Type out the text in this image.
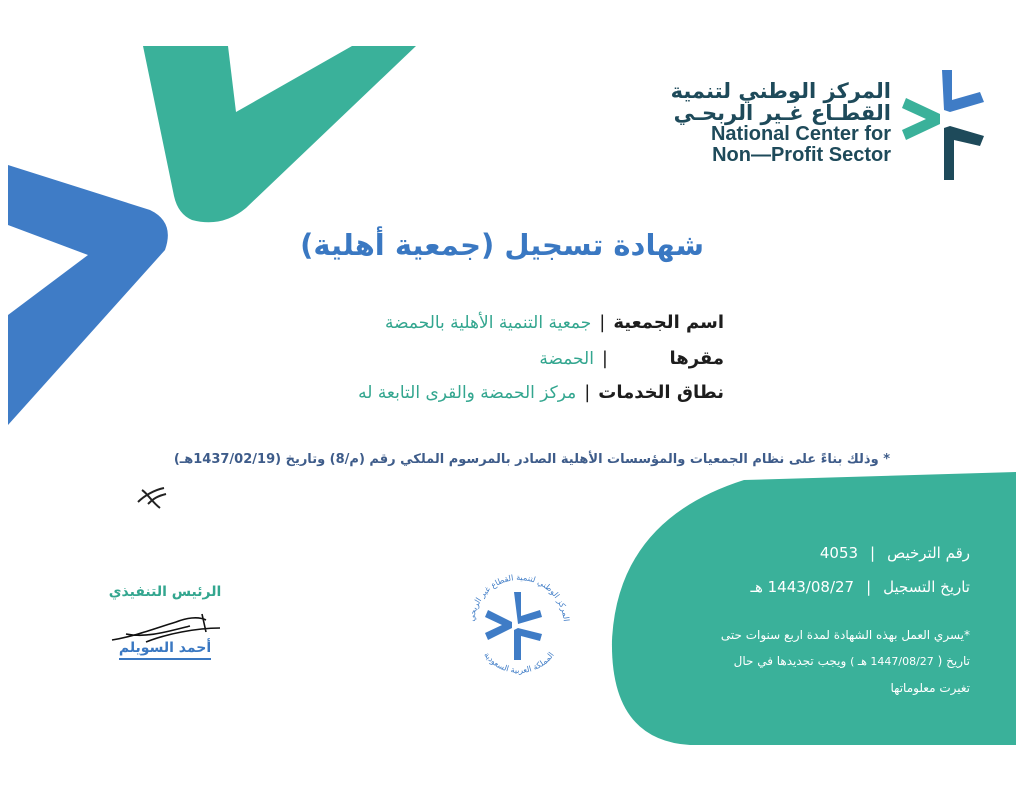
المركز الوطني لتنمية
القطـاع غـير الربحـي
National Center for
Non—Profit Sector
شهادة تسجيل (جمعية أهلية)
اسم الجمعية
|
جمعية التنمية الأهلية بالحمضة
مقرها
|
الحمضة
نطاق الخدمات
|
مركز الحمضة والقرى التابعة له
* وذلك بناءً على نظام الجمعيات والمؤسسات الأهلية الصادر بالمرسوم الملكي رقم (م/8) وتاريخ (1437/02/19هـ)
رقم الترخيص
|
4053
تاريخ التسجيل
|
1443/08/27 هـ
*يسري العمل بهذه الشهادة لمدة اربع سنوات حتى
تاريخ ( 1447/08/27 هـ ) ويجب تجديدها في حال
تغيرت معلوماتها
الرئيس التنفيذي
أحمد السويلم
المركز الوطني لتنمية القطاع غير الربحي
المملكة العربية السعودية
